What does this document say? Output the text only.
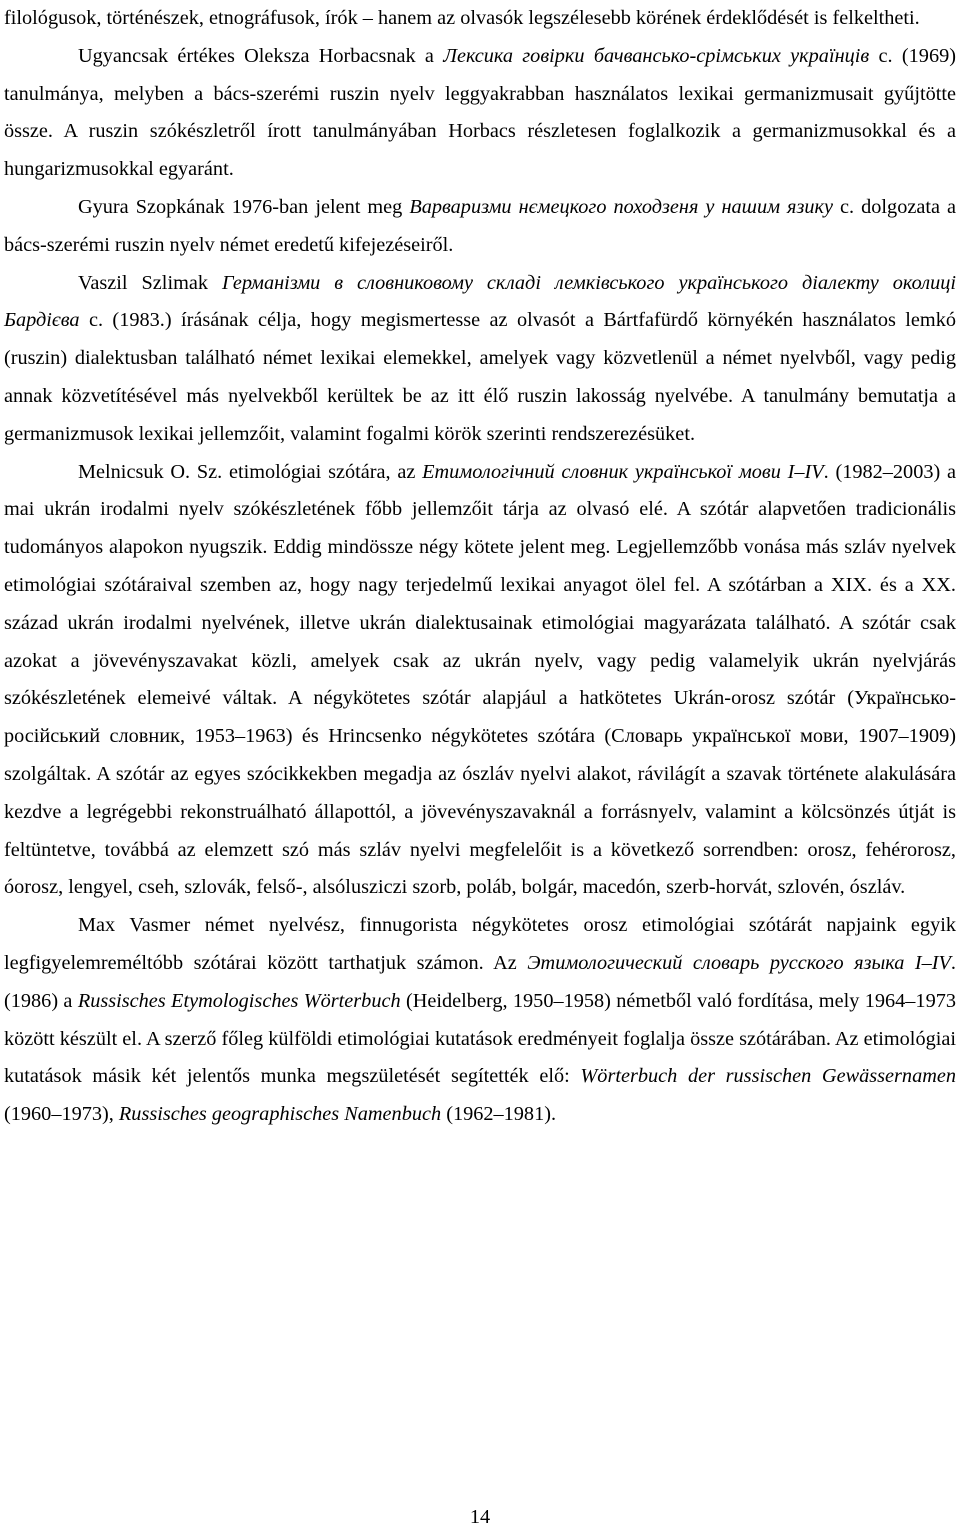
filológusok, történészek, etnográfusok, írók – hanem az olvasók legszélesebb körének érdeklődését is felkeltheti.

Ugyancsak értékes Oleksza Horbacsnak a Лексика говірки бачвансько-срімських українців c. (1969) tanulmánya, melyben a bács-szerémi ruszin nyelv leggyakrabban használatos lexikai germanizmusait gyűjtötte össze. A ruszin szókészletről írott tanulmányában Horbacs részletesen foglalkozik a germanizmusokkal és a hungarizmusokkal egyaránt.

Gyura Szopkának 1976-ban jelent meg Варваризми нємецкого походзеня у нашим язику c. dolgozata a bács-szerémi ruszin nyelv német eredetű kifejezéseiről.

Vaszil Szlimak Германізми в словниковому складі лемківського українського діалекту околиці Бардієва c. (1983.) írásának célja, hogy megismertesse az olvasót a Bártfafürdő környékén használatos lemkó (ruszin) dialektusban található német lexikai elemekkel, amelyek vagy közvetlenül a német nyelvből, vagy pedig annak közvetítésével más nyelvekből kerültek be az itt élő ruszin lakosság nyelvébe. A tanulmány bemutatja a germanizmusok lexikai jellemzőit, valamint fogalmi körök szerinti rendszerezésüket.

Melnicsuk O. Sz. etimológiai szótára, az Етимологічний словник української мови I–IV. (1982–2003) a mai ukrán irodalmi nyelv szókészletének főbb jellemzőit tárja az olvasó elé. A szótár alapvetően tradicionális tudományos alapokon nyugszik. Eddig mindössze négy kötete jelent meg. Legjellemzőbb vonása más szláv nyelvek etimológiai szótáraival szemben az, hogy nagy terjedelmű lexikai anyagot ölel fel. A szótárban a XIX. és a XX. század ukrán irodalmi nyelvének, illetve ukrán dialektusainak etimológiai magyarázata található. A szótár csak azokat a jövevényszavakat közli, amelyek csak az ukrán nyelv, vagy pedig valamelyik ukrán nyelvjárás szókészletének elemeivé váltak. A négykötetes szótár alapjául a hatkötetes Ukrán-orosz szótár (Українсько-російський словник, 1953–1963) és Hrincsenko négykötetes szótára (Словарь української мови, 1907–1909) szolgáltak. A szótár az egyes szócikkekben megadja az ószláv nyelvi alakot, rávilágít a szavak története alakulására kezdve a legrégebbi rekonstruálható állapottól, a jövevényszavaknál a forrásnyelv, valamint a kölcsönzés útját is feltüntetve, továbbá az elemzett szó más szláv nyelvi megfelelőit is a következő sorrendben: orosz, fehérorosz, óorosz, lengyel, cseh, szlovák, felső-, alsólusziczi szorb, poláb, bolgár, macedón, szerb-horvát, szlovén, ószláv.

Max Vasmer német nyelvész, finnugorista négykötetes orosz etimológiai szótárát napjaink egyik legfigyelemreméltóbb szótárai között tarthatjuk számon. Az Этимологический словарь русского языка I–IV. (1986) a Russisches Etymologisches Wörterbuch (Heidelberg, 1950–1958) németből való fordítása, mely 1964–1973 között készült el. A szerző főleg külföldi etimológiai kutatások eredményeit foglalja össze szótárában. Az etimológiai kutatások másik két jelentős munka megszületését segítették elő: Wörterbuch der russischen Gewässernamen (1960–1973), Russisches geographisches Namenbuch (1962–1981).

14
